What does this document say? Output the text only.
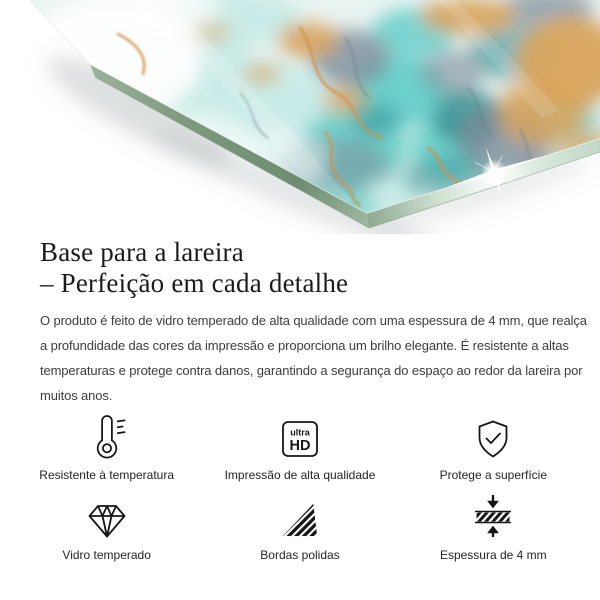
Base para a lareira
– Perfeição em cada detalhe
O produto é feito de vidro temperado de alta qualidade com uma espessura de 4 mm, que realça
a profundidade das cores da impressão e proporciona um brilho elegante. É resistente a altas
temperaturas e protege contra danos, garantindo a segurança do espaço ao redor da lareira por
muitos anos.
Resistente à temperatura
ultra
HD
Impressão de alta qualidade	Protege a superfície
Vidro temperado	Bordas polidas	Espessura de 4 mm
